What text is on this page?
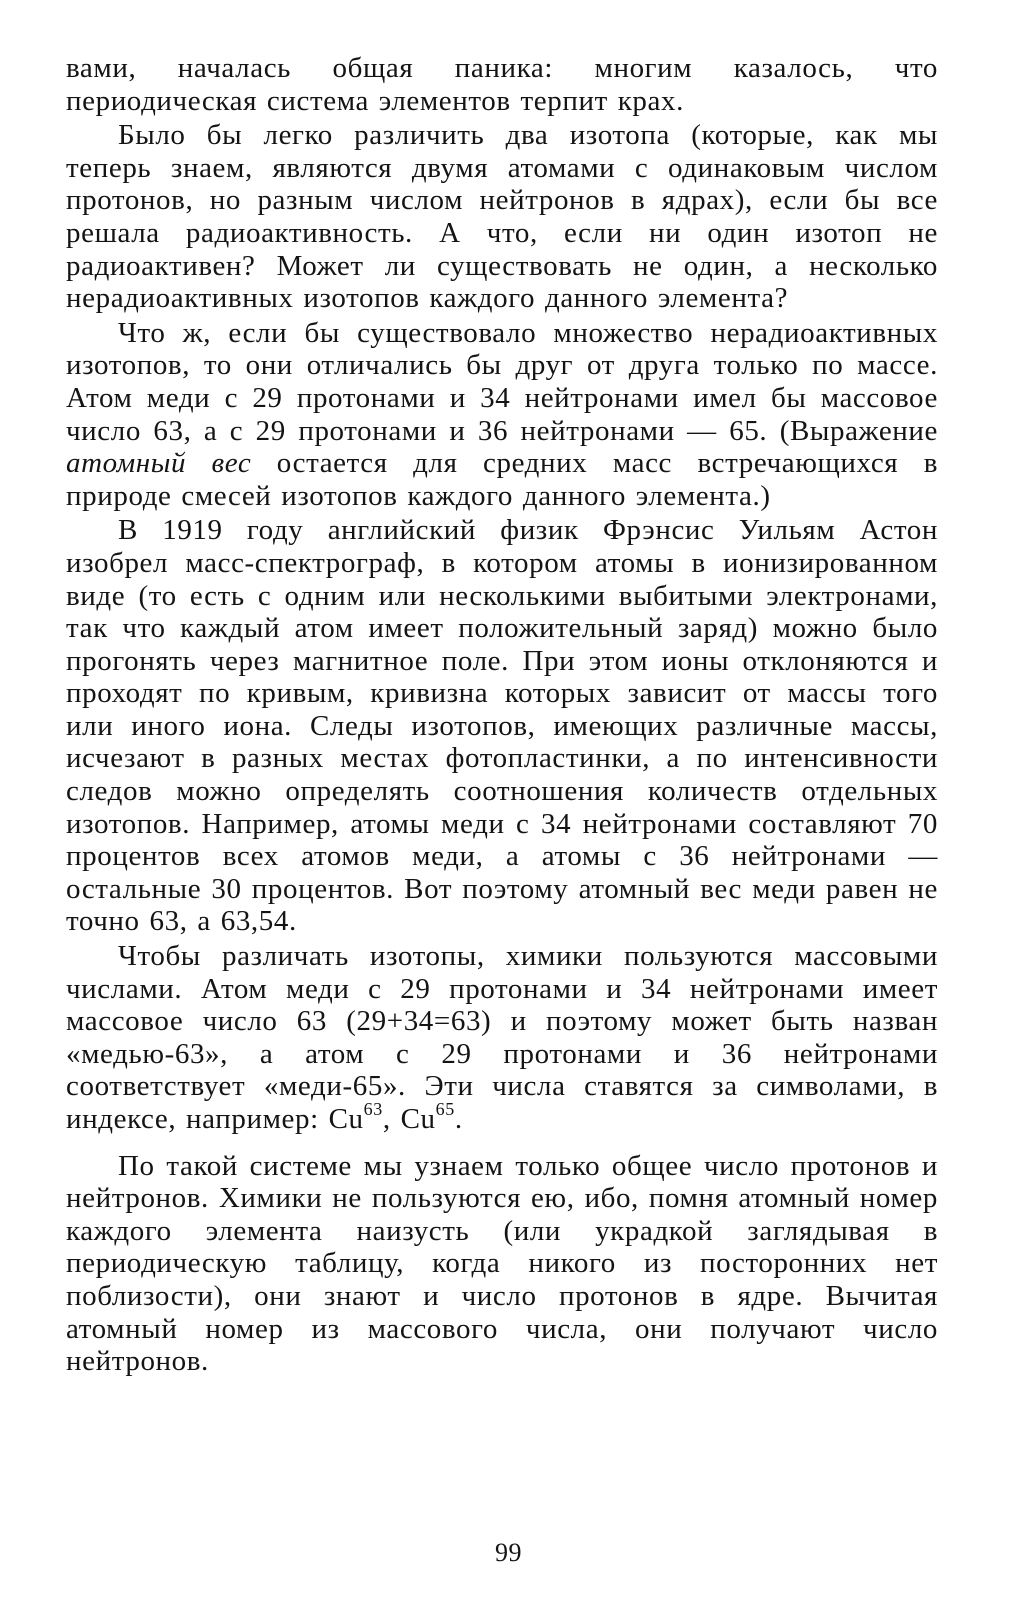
вами, началась общая паника: многим казалось, что периодическая система элементов терпит крах.

Было бы легко различить два изотопа (которые, как мы теперь знаем, являются двумя атомами с одинаковым числом протонов, но разным числом нейтронов в ядрах), если бы все решала радиоактивность. А что, если ни один изотоп не радиоактивен? Может ли существовать не один, а несколько нерадиоактивных изотопов каждого данного элемента?

Что ж, если бы существовало множество нерадиоактивных изотопов, то они отличались бы друг от друга только по массе. Атом меди с 29 протонами и 34 нейтронами имел бы массовое число 63, а с 29 протонами и 36 нейтронами — 65. (Выражение атомный вес остается для средних масс встречающихся в природе смесей изотопов каждого данного элемента.)

В 1919 году английский физик Фрэнсис Уильям Астон изобрел масс-спектрограф, в котором атомы в ионизированном виде (то есть с одним или несколькими выбитыми электронами, так что каждый атом имеет положительный заряд) можно было прогонять через магнитное поле. При этом ионы отклоняются и проходят по кривым, кривизна которых зависит от массы того или иного иона. Следы изотопов, имеющих различные массы, исчезают в разных местах фотопластинки, а по интенсивности следов можно определять соотношения количеств отдельных изотопов. Например, атомы меди с 34 нейтронами составляют 70 процентов всех атомов меди, а атомы с 36 нейтронами — остальные 30 процентов. Вот поэтому атомный вес меди равен не точно 63, а 63,54.

Чтобы различать изотопы, химики пользуются массовыми числами. Атом меди с 29 протонами и 34 нейтронами имеет массовое число 63 (29+34=63) и поэтому может быть назван «медью-63», а атом с 29 протонами и 36 нейтронами соответствует «меди-65». Эти числа ставятся за символами, в индексе, например: Cu$^{63}$, Cu$^{65}$.

По такой системе мы узнаем только общее число протонов и нейтронов. Химики не пользуются ею, ибо, помня атомный номер каждого элемента наизусть (или украдкой заглядывая в периодическую таблицу, когда никого из посторонних нет поблизости), они знают и число протонов в ядре. Вычитая атомный номер из массового числа, они получают число нейтронов.

99
